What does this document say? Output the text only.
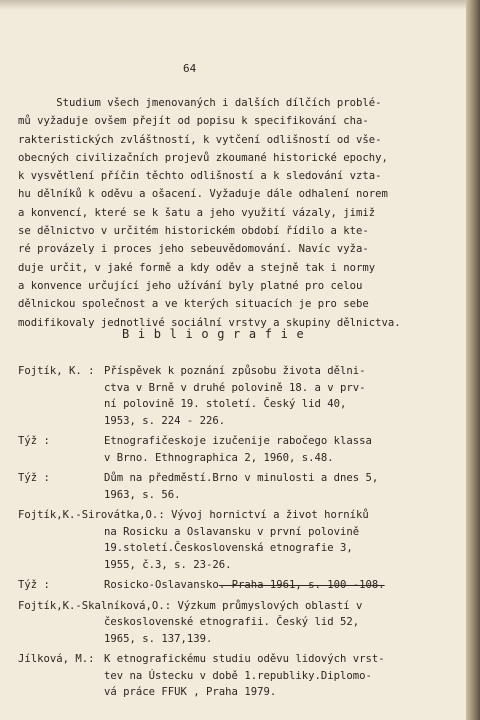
64
Studium všech jmenovaných i dalších dílčích problé-
mů vyžaduje ovšem přejít od popisu k specifikování cha-
rakteristických zvláštností, k vytčení odlišností od vše-
obecných civilizačních projevů zkoumané historické epochy,
k vysvětlení příčin těchto odlišností a k sledování vzta-
hu dělníků k oděvu a ošacení. Vyžaduje dále odhalení norem
a konvencí, které se k šatu a jeho využití vázaly, jimiž
se dělnictvo v určitém historickém období řídilo a kte-
ré provázely i proces jeho sebeuvědomování. Navíc vyža-
duje určit, v jaké formě a kdy oděv a stejně tak i normy
a konvence určující jeho užívání byly platné pro celou
dělnickou společnost a ve kterých situacích je pro sebe
modifikovaly jednotlivé sociální vrstvy a skupiny dělnictva.
Bibliografie
Fojtík, K. : Příspěvek k poznání způsobu života dělni-
ctva v Brně v druhé polovině 18. a v prv-
ní polovině 19. století. Český lid 40,
1953, s. 224 - 226.
Týž :	Etnografičeskoje izučenije rabočego klassa
v Brno. Ethnographica 2, 1960, s.48.
Týž :	Dům na předměstí.Brno v minulosti a dnes 5,
1963, s. 56.
Fojtík,K.-Sirovátka,O.: Vývoj hornictví a život horníků
na Rosicku a Oslavansku v první polovině
19.století.Československá etnografie 3,
1955, č.3, s. 23-26.
Týž :	Rosicko-Oslavansko. Praha 1961, s. 100 -108.
Fojtík,K.-Skalníková,O.: Výzkum průmyslových oblastí v
československé etnografii. Český lid 52,
1965, s. 137,139.
Jílková, M.: K etnografickému studiu oděvu lidových vrst-
tev na Ústecku v době 1.republiky.Diplomo-
vá práce FFUK , Praha 1979.
